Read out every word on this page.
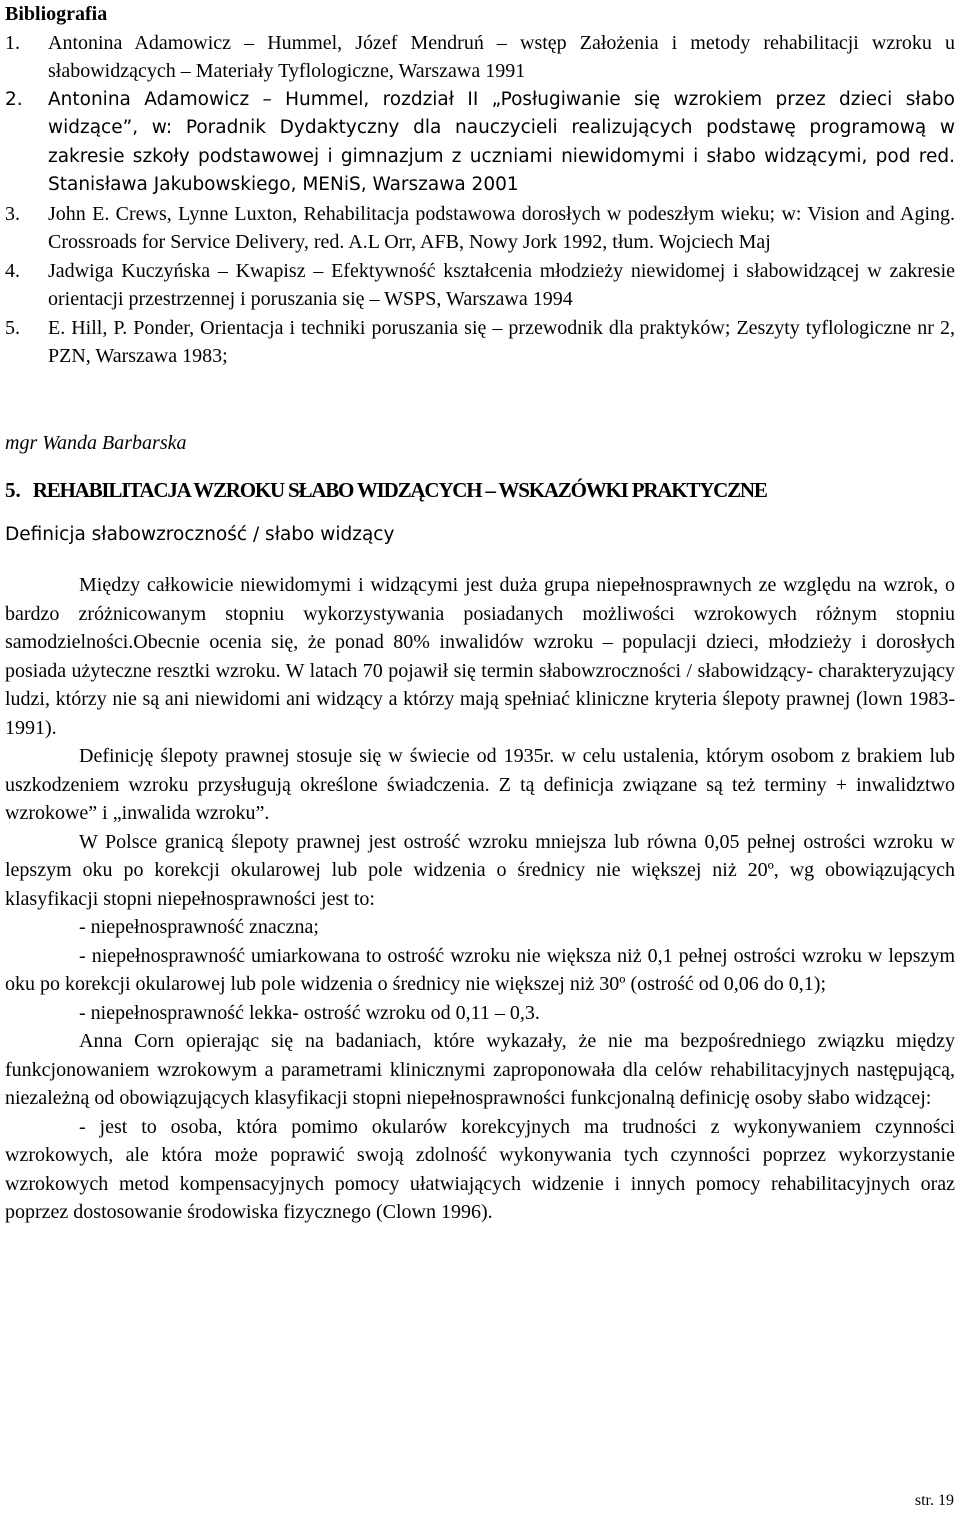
Bibliografia
1. Antonina Adamowicz – Hummel, Józef Mendruń – wstęp Założenia i metody rehabilitacji wzroku u słabowidzących – Materiały Tyflologiczne, Warszawa 1991
2. Antonina Adamowicz – Hummel, rozdział II „Posługiwanie się wzrokiem przez dzieci słabo widzące”, w: Poradnik Dydaktyczny dla nauczycieli realizujących podstawę programową w zakresie szkoły podstawowej i gimnazjum z uczniami niewidomymi i słabo widzącymi, pod red. Stanisława Jakubowskiego, MENiS, Warszawa 2001
3. John E. Crews, Lynne Luxton, Rehabilitacja podstawowa dorosłych w podeszłym wieku; w: Vision and Aging. Crossroads for Service Delivery, red. A.L Orr, AFB, Nowy Jork 1992, tłum. Wojciech Maj
4. Jadwiga Kuczyńska – Kwapisz – Efektywność kształcenia młodzieży niewidomej i słabowidzącej w zakresie orientacji przestrzennej i poruszania się – WSPS, Warszawa 1994
5. E. Hill, P. Ponder, Orientacja i techniki poruszania się – przewodnik dla praktyków; Zeszyty tyflologiczne nr 2, PZN, Warszawa 1983;
mgr Wanda Barbarska
5. REHABILITACJA WZROKU SŁABO WIDZĄCYCH – WSKAZÓWKI PRAKTYCZNE
Definicja słabowzroczność / słabo widzący

Między całkowicie niewidomymi i widzącymi jest duża grupa niepełnosprawnych ze względu na wzrok, o bardzo zróżnicowanym stopniu wykorzystywania posiadanych możliwości wzrokowych różnym stopniu samodzielności.Obecnie ocenia się, że ponad 80% inwalidów wzroku – populacji dzieci, młodzieży i dorosłych posiada użyteczne resztki wzroku. W latach 70 pojawił się termin słabowzroczności / słabowidzący- charakteryzujący ludzi, którzy nie są ani niewidomi ani widzący a którzy mają spełniać kliniczne kryteria ślepoty prawnej (lown 1983-1991).

Definicję ślepoty prawnej stosuje się w świecie od 1935r. w celu ustalenia, którym osobom z brakiem lub uszkodzeniem wzroku przysługują określone świadczenia. Z tą definicja związane są też terminy + inwalidztwo wzrokowe” i „inwalida wzroku”.

W Polsce granicą ślepoty prawnej jest ostrość wzroku mniejsza lub równa 0,05 pełnej ostrości wzroku w lepszym oku po korekcji okularowej lub pole widzenia o średnicy nie większej niż 20º, wg obowiązujących klasyfikacji stopni niepełnosprawności jest to:

- niepełnosprawność znaczna;

- niepełnosprawność umiarkowana to ostrość wzroku nie większa niż 0,1 pełnej ostrości wzroku w lepszym oku po korekcji okularowej lub pole widzenia o średnicy nie większej niż 30º (ostrość od 0,06 do 0,1);

- niepełnosprawność lekka- ostrość wzroku od 0,11 – 0,3.

Anna Corn opierając się na badaniach, które wykazały, że nie ma bezpośredniego związku między funkcjonowaniem wzrokowym a parametrami klinicznymi zaproponowała dla celów rehabilitacyjnych następującą, niezależną od obowiązujących klasyfikacji stopni niepełnosprawności funkcjonalną definicję osoby słabo widzącej:

- jest to osoba, która pomimo okularów korekcyjnych ma trudności z wykonywaniem czynności wzrokowych, ale która może poprawić swoją zdolność wykonywania tych czynności poprzez wykorzystanie wzrokowych metod kompensacyjnych pomocy ułatwiających widzenie i innych pomocy rehabilitacyjnych oraz poprzez dostosowanie środowiska fizycznego (Clown 1996).

str. 19
